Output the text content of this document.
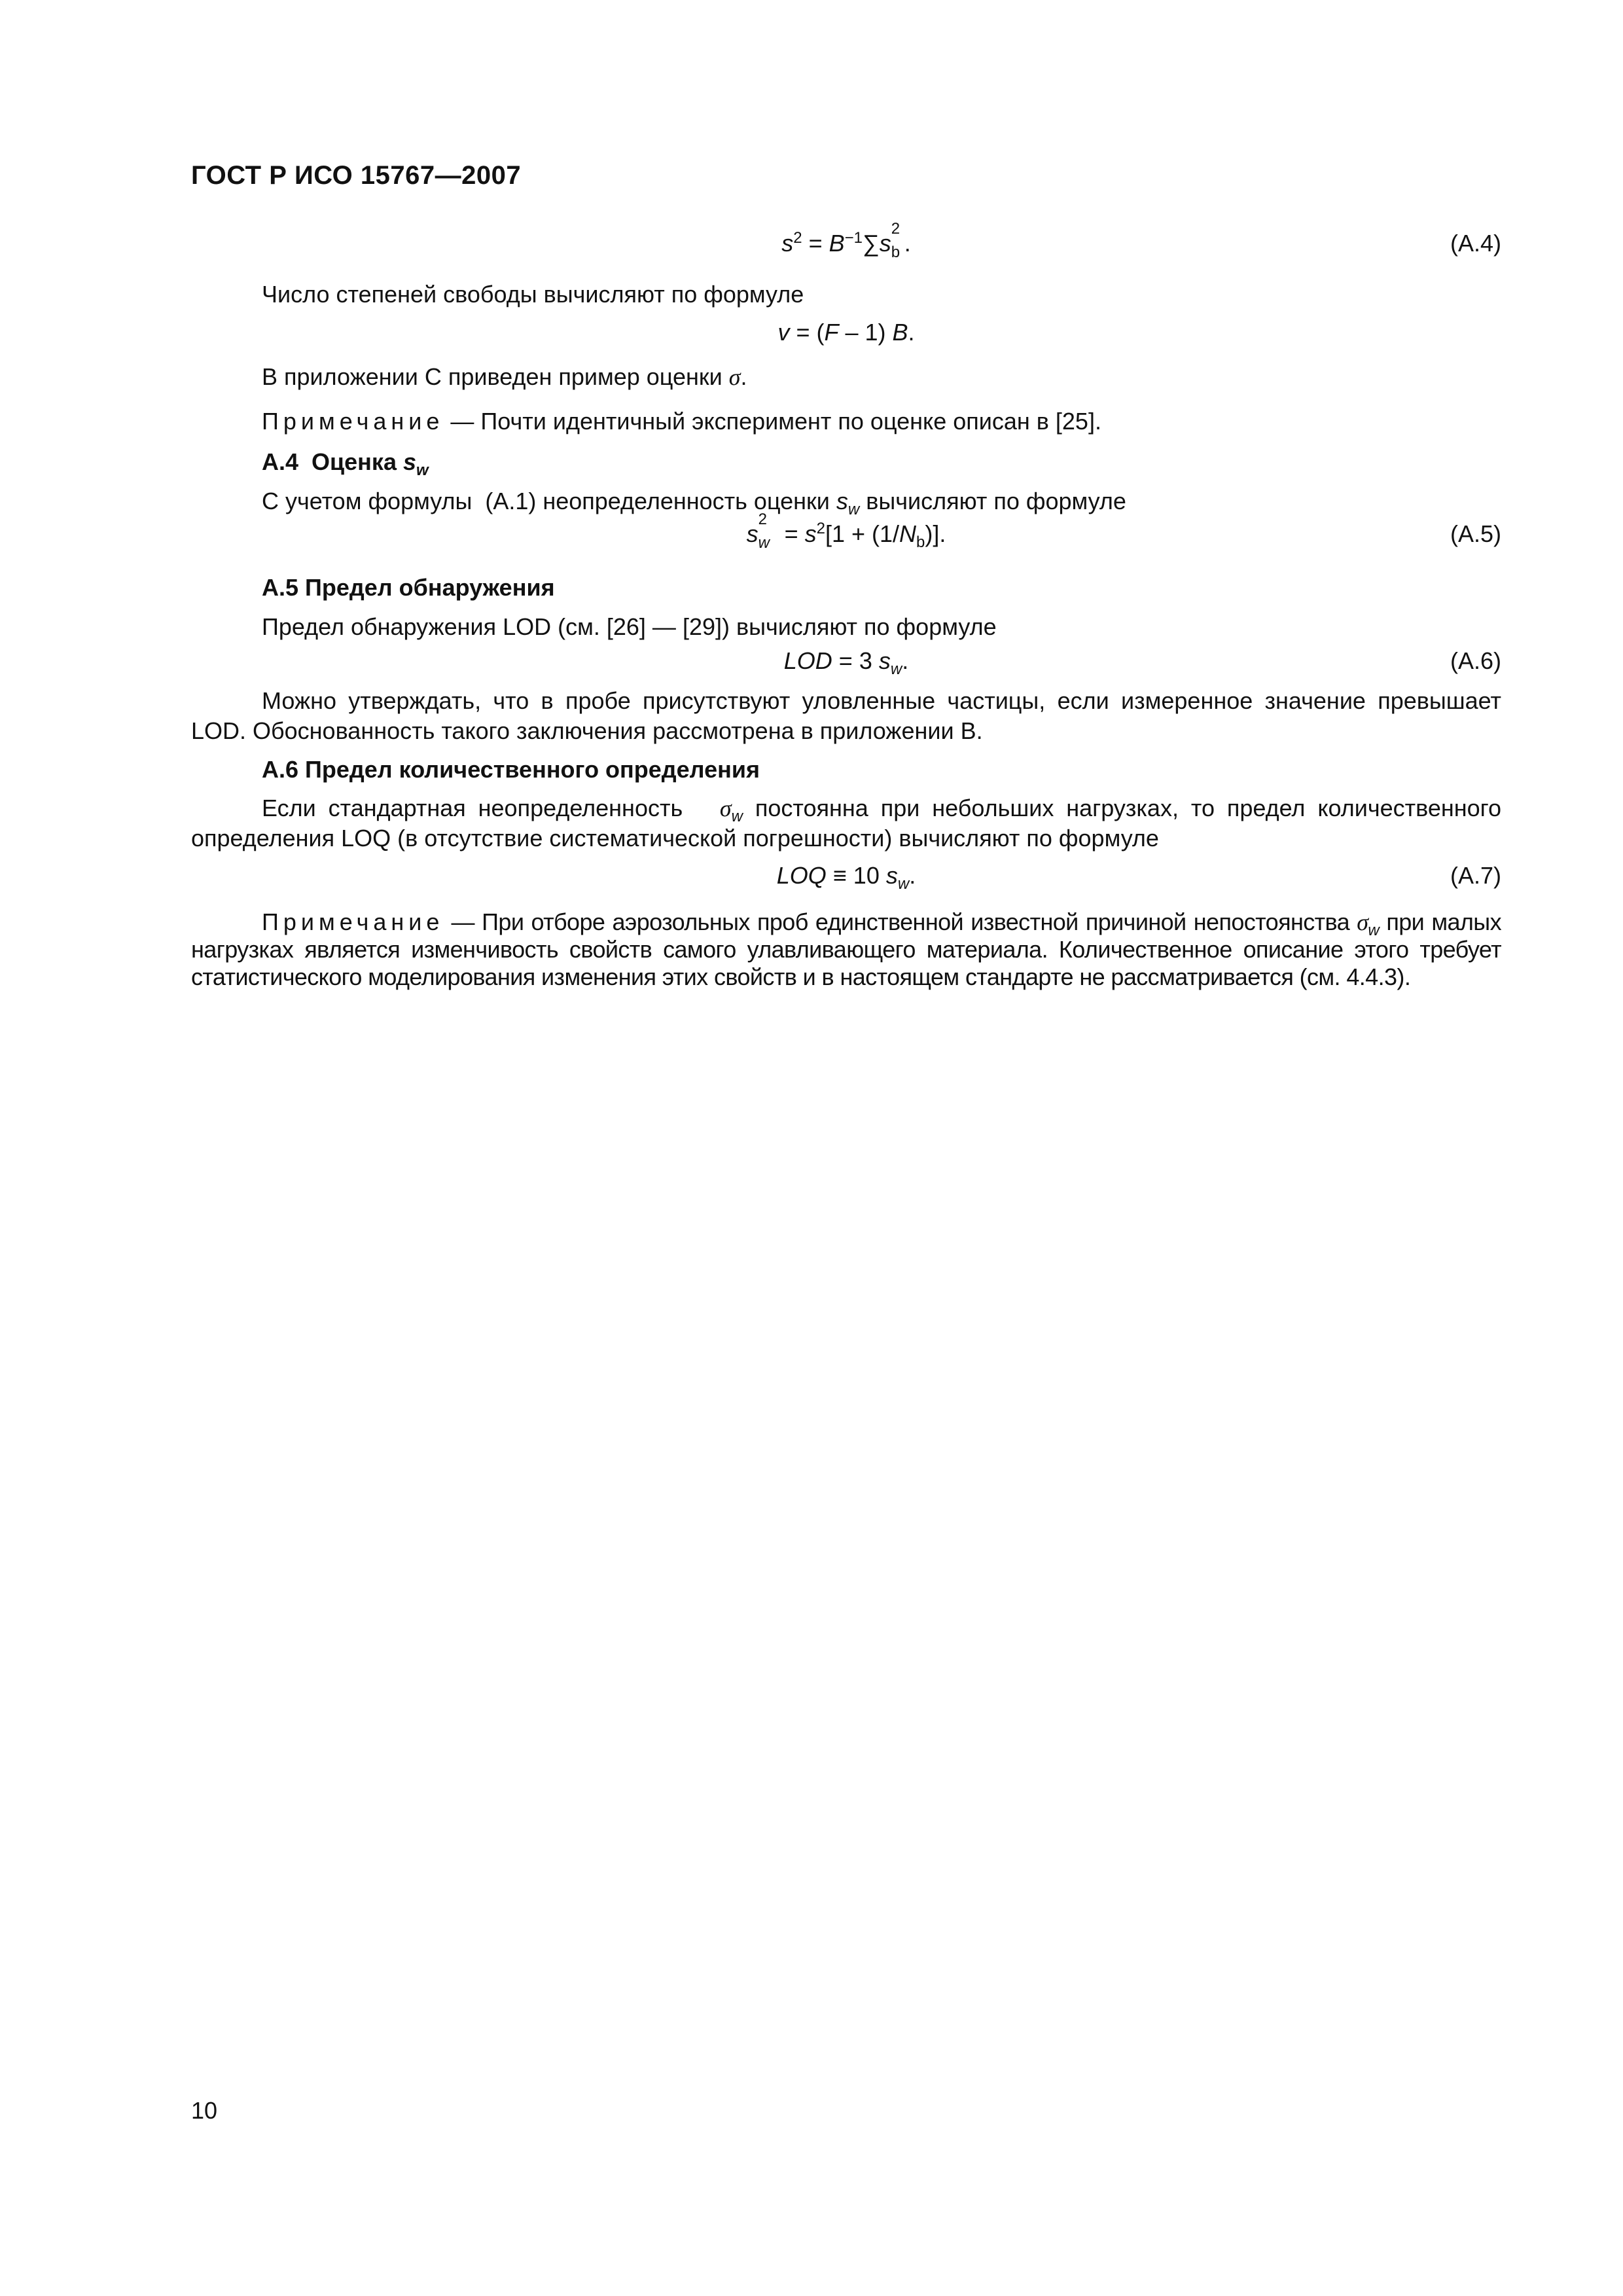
ГОСТ Р ИСО 15767—2007
$s^2 = B^{-1}\sum s$
2
b .	(А.4)
Число степеней свободы вычисляют по формуле
v = (F – 1) B.
В приложении С приведен пример оценки σ.
Примечание — Почти идентичный эксперимент по оценке описан в [25].
А.4  Оценка $s_w$
С учетом формулы  (А.1) неопределенность оценки $s_w$ вычисляют по формуле
s
2
$w = s^2[1 + (1/N_b)]$.	(А.5)
А.5 Предел обнаружения
Предел обнаружения LOD (см. [26] — [29]) вычисляют по формуле
LOD = 3 $s_w$.	(А.6)
Можно утверждать, что в пробе присутствуют уловленные частицы, если измеренное значение превышает LOD. Обоснованность такого заключения рассмотрена в приложении В.
А.6 Предел количественного определения
Если стандартная неопределенность   $\sigma_w$ постоянна при небольших нагрузках, то предел количественного определения LOQ (в отсутствие систематической погрешности) вычисляют по формуле
LOQ ≡ 10 $s_w$.	(А.7)
Примечание — При отборе аэрозольных проб единственной известной причиной непостоянства $\sigma_w$ при малых нагрузках является изменчивость свойств самого улавливающего материала. Количественное описание этого требует статистического моделирования изменения этих свойств и в настоящем стандарте не рассматривается (см. 4.4.3).
10
